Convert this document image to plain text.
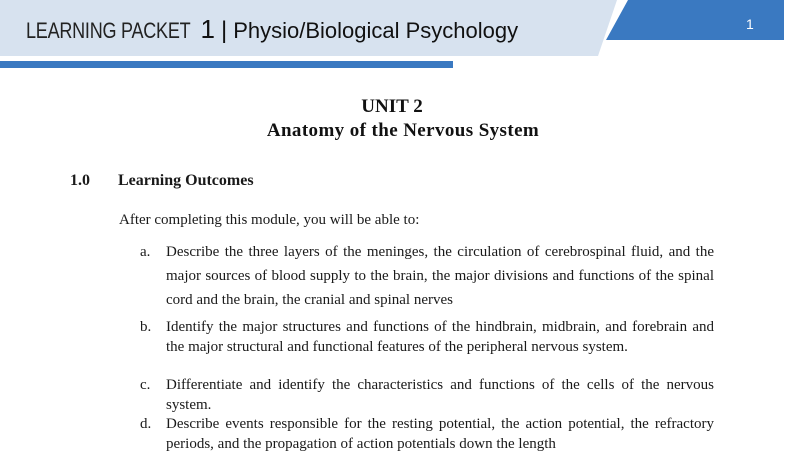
LEARNING PACKET 1 | Physio/Biological Psychology	1
UNIT 2
Anatomy of the Nervous System
1.0 Learning Outcomes
After completing this module, you will be able to:
a. Describe the three layers of the meninges, the circulation of cerebrospinal fluid, and the major sources of blood supply to the brain, the major divisions and functions of the spinal cord and the brain, the cranial and spinal nerves
b. Identify the major structures and functions of the hindbrain, midbrain, and forebrain and the major structural and functional features of the peripheral nervous system.
c. Differentiate and identify the characteristics and functions of the cells of the nervous system.
d. Describe events responsible for the resting potential, the action potential, the refractory periods, and the propagation of action potentials down the length
